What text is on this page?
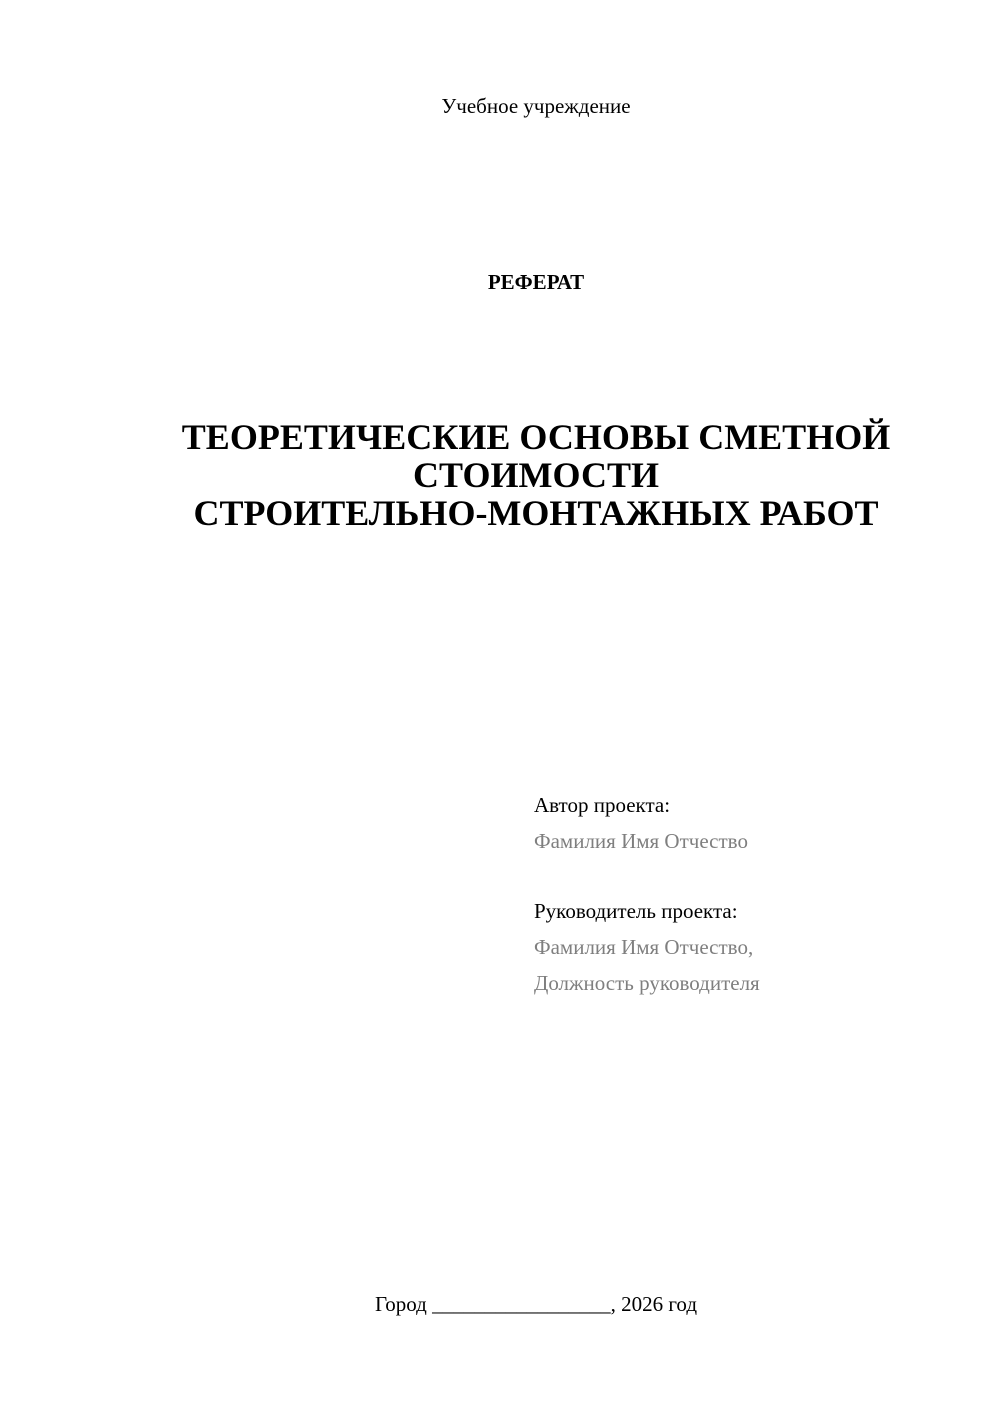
Учебное учреждение
РЕФЕРАТ
ТЕОРЕТИЧЕСКИЕ ОСНОВЫ СМЕТНОЙ
СТОИМОСТИ
СТРОИТЕЛЬНО-МОНТАЖНЫХ РАБОТ
Автор проекта:
Фамилия Имя Отчество
Руководитель проекта:
Фамилия Имя Отчество,
Должность руководителя
Город _________________, 2026 год
